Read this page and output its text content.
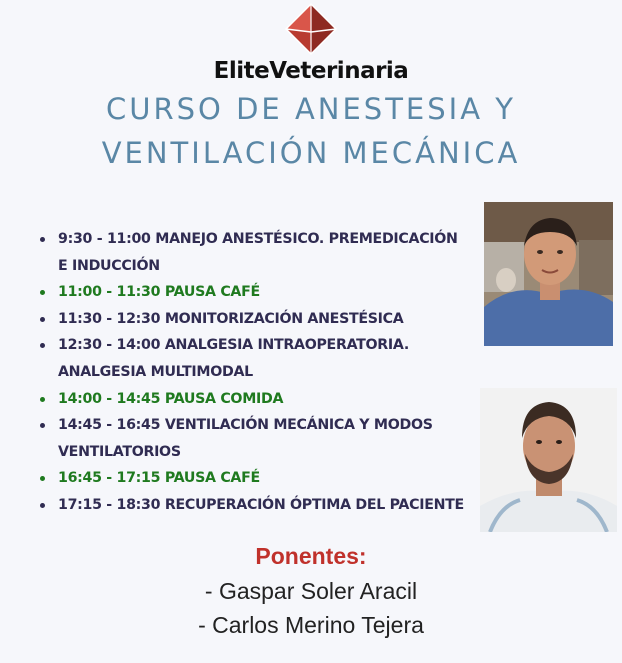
EliteVeterinaria
CURSO DE ANESTESIA Y
VENTILACIÓN MECÁNICA
9:30 - 11:00 MANEJO ANESTÉSICO. PREMEDICACIÓN E INDUCCIÓN
11:00 - 11:30 PAUSA CAFÉ
11:30 - 12:30 MONITORIZACIÓN ANESTÉSICA
12:30 - 14:00 ANALGESIA INTRAOPERATORIA. ANALGESIA MULTIMODAL
14:00 - 14:45 PAUSA COMIDA
14:45 - 16:45 VENTILACIÓN MECÁNICA Y MODOS VENTILATORIOS
16:45 - 17:15 PAUSA CAFÉ
17:15 - 18:30 RECUPERACIÓN ÓPTIMA DEL PACIENTE
Ponentes:
- Gaspar Soler Aracil
- Carlos Merino Tejera
